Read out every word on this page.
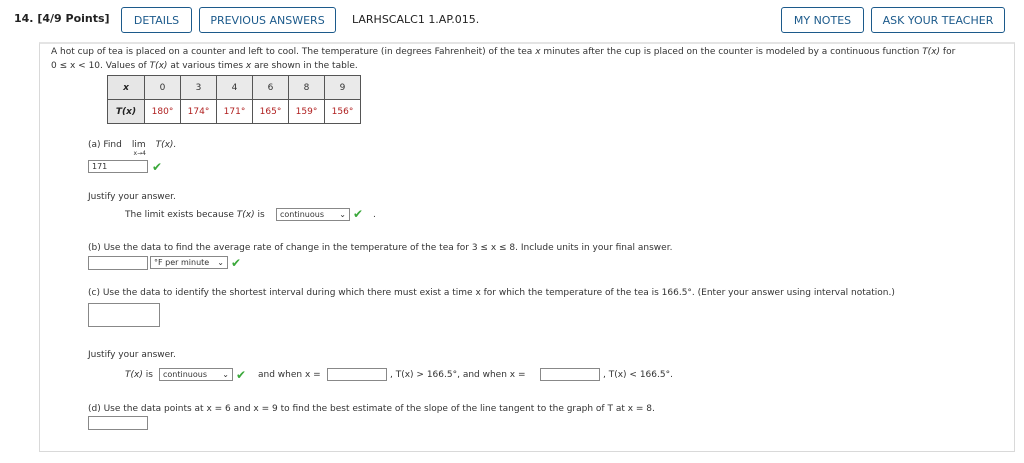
14. [4/9 Points]	DETAILS	PREVIOUS ANSWERS	LARHSCALC1 1.AP.015.	MY NOTES	ASK YOUR TEACHER
A hot cup of tea is placed on a counter and left to cool. The temperature (in degrees Fahrenheit) of the tea x minutes after the cup is placed on the counter is modeled by a continuous function T(x) for
0 ≤ x < 10. Values of T(x) at various times x are shown in the table.
x	0	3	4	6	8	9
T(x)	180°	174°	171°	165°	159°	156°
(a) Find lim
x→4
T(x).
171	✔
Justify your answer.
The limit exists because T(x) is continuous ⌄ ✔ .
(b) Use the data to find the average rate of change in the temperature of the tea for 3 ≤ x ≤ 8. Include units in your final answer.
°F per minute ⌄ ✔
(c) Use the data to identify the shortest interval during which there must exist a time x for which the temperature of the tea is 166.5°. (Enter your answer using interval notation.)
Justify your answer.
T(x) is continuous ⌄ ✔ and when x =	, T(x) > 166.5°, and when x =	, T(x) < 166.5°.
(d) Use the data points at x = 6 and x = 9 to find the best estimate of the slope of the line tangent to the graph of T at x = 8.
